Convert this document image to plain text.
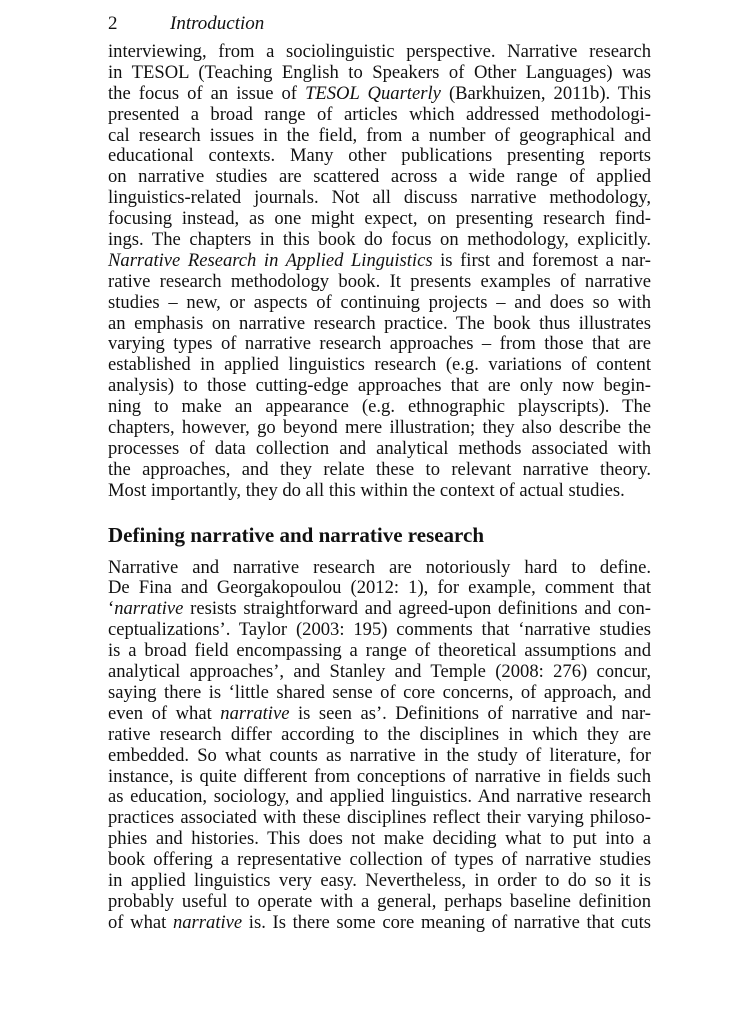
2	Introduction
interviewing, from a sociolinguistic perspective. Narrative research
in TESOL (Teaching English to Speakers of Other Languages) was
the focus of an issue of TESOL Quarterly (Barkhuizen, 2011b). This
presented a broad range of articles which addressed methodologi-
cal research issues in the field, from a number of geographical and
educational contexts. Many other publications presenting reports
on narrative studies are scattered across a wide range of applied
linguistics-related journals. Not all discuss narrative methodology,
focusing instead, as one might expect, on presenting research find-
ings. The chapters in this book do focus on methodology, explicitly.
Narrative Research in Applied Linguistics is first and foremost a nar-
rative research methodology book. It presents examples of narrative
studies – new, or aspects of continuing projects – and does so with
an emphasis on narrative research practice. The book thus illustrates
varying types of narrative research approaches – from those that are
established in applied linguistics research (e.g. variations of content
analysis) to those cutting-edge approaches that are only now begin-
ning to make an appearance (e.g. ethnographic playscripts). The
chapters, however, go beyond mere illustration; they also describe the
processes of data collection and analytical methods associated with
the approaches, and they relate these to relevant narrative theory.
Most importantly, they do all this within the context of actual studies.
Defining narrative and narrative research
Narrative and narrative research are notoriously hard to define.
De Fina and Georgakopoulou (2012: 1), for example, comment that
‘narrative resists straightforward and agreed-upon definitions and con-
ceptualizations’. Taylor (2003: 195) comments that ‘narrative studies
is a broad field encompassing a range of theoretical assumptions and
analytical approaches’, and Stanley and Temple (2008: 276) concur,
saying there is ‘little shared sense of core concerns, of approach, and
even of what narrative is seen as’. Definitions of narrative and nar-
rative research differ according to the disciplines in which they are
embedded. So what counts as narrative in the study of literature, for
instance, is quite different from conceptions of narrative in fields such
as education, sociology, and applied linguistics. And narrative research
practices associated with these disciplines reflect their varying philoso-
phies and histories. This does not make deciding what to put into a
book offering a representative collection of types of narrative studies
in applied linguistics very easy. Nevertheless, in order to do so it is
probably useful to operate with a general, perhaps baseline definition
of what narrative is. Is there some core meaning of narrative that cuts
